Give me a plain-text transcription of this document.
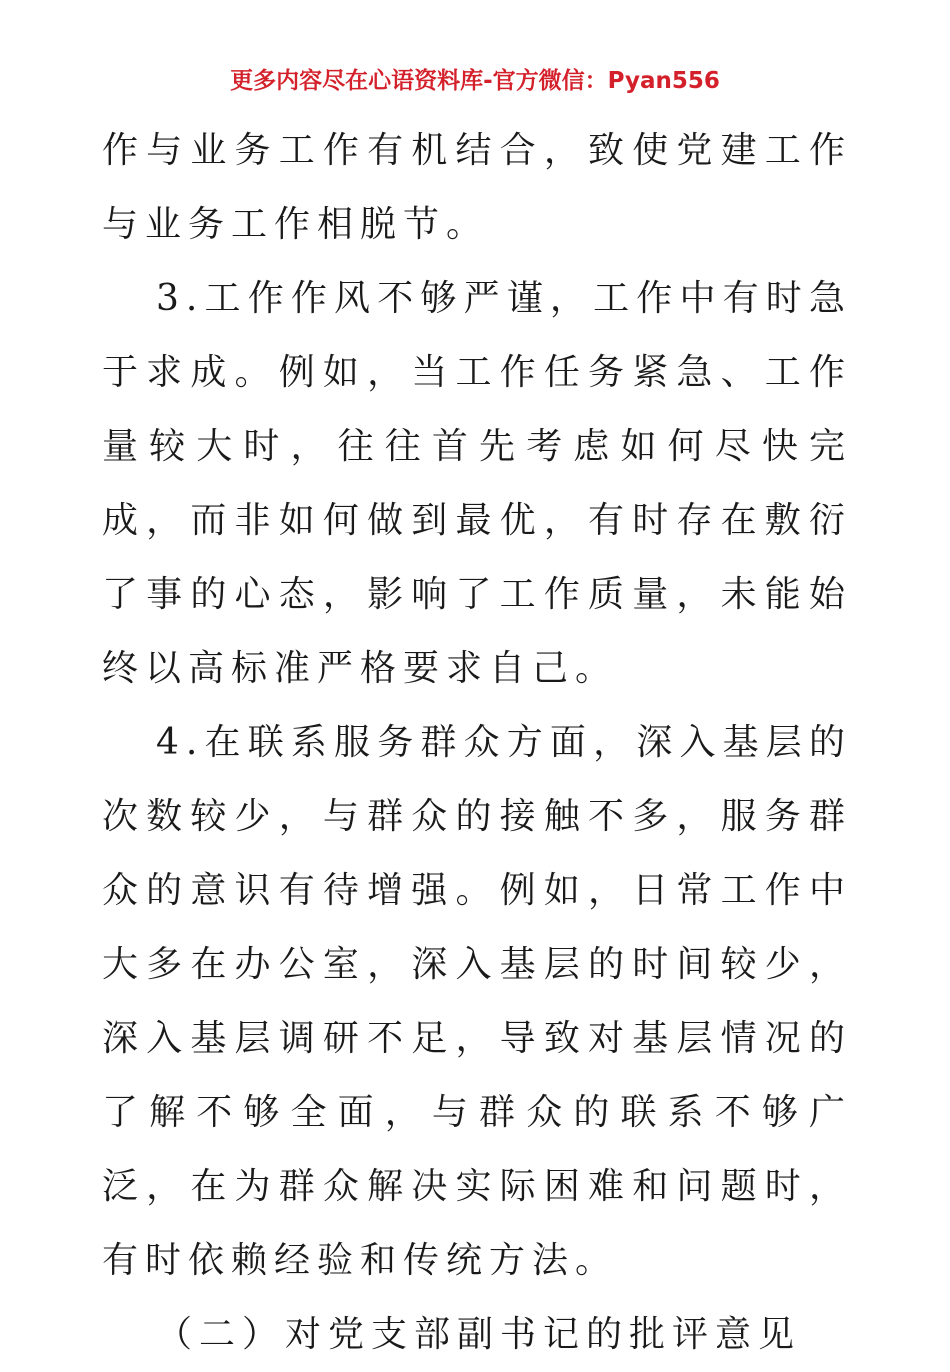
更多内容尽在心语资料库-官方微信：Pyan556

作与业务工作有机结合，致使党建工作与业务工作相脱节。

3.工作作风不够严谨，工作中有时急于求成。例如，当工作任务紧急、工作量较大时，往往首先考虑如何尽快完成，而非如何做到最优，有时存在敷衍了事的心态，影响了工作质量，未能始终以高标准严格要求自己。

4.在联系服务群众方面，深入基层的次数较少，与群众的接触不多，服务群众的意识有待增强。例如，日常工作中大多在办公室，深入基层的时间较少，深入基层调研不足，导致对基层情况的了解不够全面，与群众的联系不够广泛，在为群众解决实际困难和问题时，有时依赖经验和传统方法。

（二）对党支部副书记的批评意见
